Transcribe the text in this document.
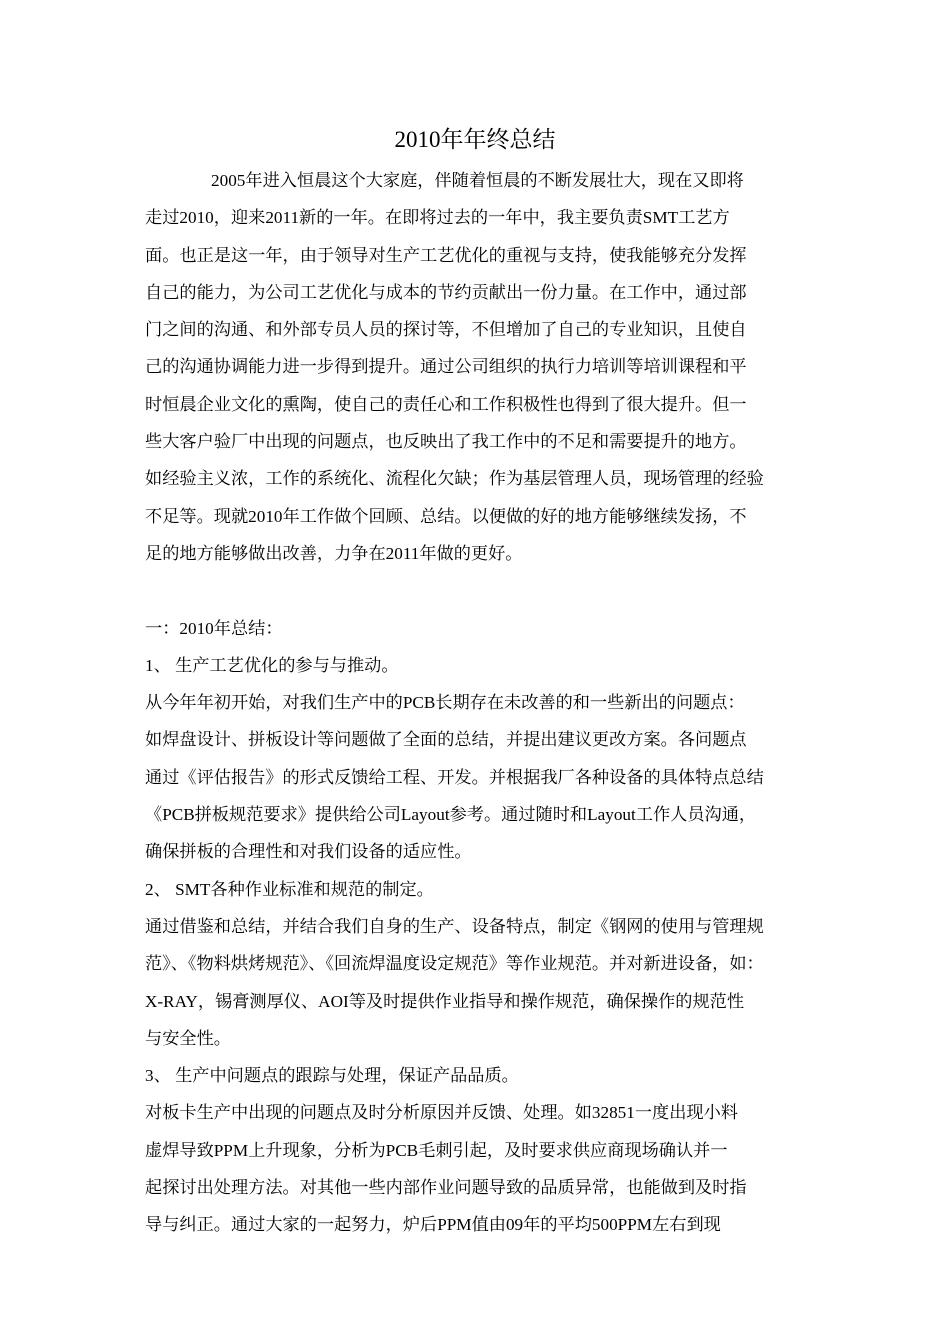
2010年年终总结
2005年进入恒晨这个大家庭，伴随着恒晨的不断发展壮大，现在又即将
走过2010，迎来2011新的一年。在即将过去的一年中，我主要负责SMT工艺方
面。也正是这一年，由于领导对生产工艺优化的重视与支持，使我能够充分发挥
自己的能力，为公司工艺优化与成本的节约贡献出一份力量。在工作中，通过部
门之间的沟通、和外部专员人员的探讨等，不但增加了自己的专业知识，且使自
己的沟通协调能力进一步得到提升。通过公司组织的执行力培训等培训课程和平
时恒晨企业文化的熏陶，使自己的责任心和工作积极性也得到了很大提升。但一
些大客户验厂中出现的问题点，也反映出了我工作中的不足和需要提升的地方。
如经验主义浓，工作的系统化、流程化欠缺；作为基层管理人员，现场管理的经验
不足等。现就2010年工作做个回顾、总结。以便做的好的地方能够继续发扬，不
足的地方能够做出改善，力争在2011年做的更好。
一：2010年总结：
1、 生产工艺优化的参与与推动。
从今年年初开始，对我们生产中的PCB长期存在未改善的和一些新出的问题点：
如焊盘设计、拼板设计等问题做了全面的总结，并提出建议更改方案。各问题点
通过《评估报告》的形式反馈给工程、开发。并根据我厂各种设备的具体特点总结
《PCB拼板规范要求》提供给公司Layout参考。通过随时和Layout工作人员沟通，
确保拼板的合理性和对我们设备的适应性。
2、 SMT各种作业标准和规范的制定。
通过借鉴和总结，并结合我们自身的生产、设备特点，制定《钢网的使用与管理规
范》、《物料烘烤规范》、《回流焊温度设定规范》等作业规范。并对新进设备，如：
X-RAY，锡膏测厚仪、AOI等及时提供作业指导和操作规范，确保操作的规范性
与安全性。
3、 生产中问题点的跟踪与处理，保证产品品质。
对板卡生产中出现的问题点及时分析原因并反馈、处理。如32851一度出现小料
虚焊导致PPM上升现象，分析为PCB毛刺引起，及时要求供应商现场确认并一
起探讨出处理方法。对其他一些内部作业问题导致的品质异常，也能做到及时指
导与纠正。通过大家的一起努力，炉后PPM值由09年的平均500PPM左右到现
